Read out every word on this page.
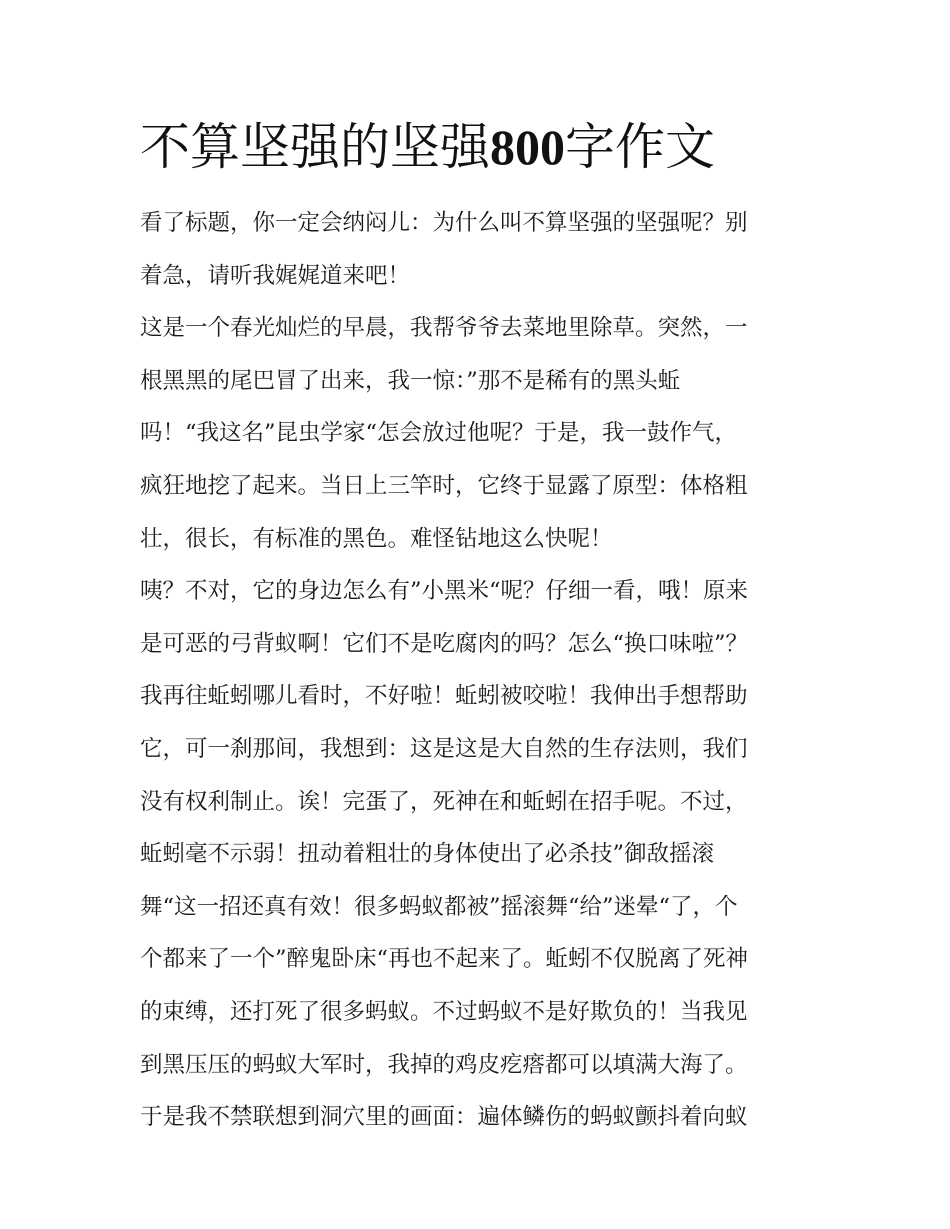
不算坚强的坚强800字作文
看了标题，你一定会纳闷儿：为什么叫不算坚强的坚强呢？别
着急，请听我娓娓道来吧！
这是一个春光灿烂的早晨，我帮爷爷去菜地里除草。突然，一
根黑黑的尾巴冒了出来，我一惊：”那不是稀有的黑头蚯
吗！“我这名”昆虫学家“怎会放过他呢？于是，我一鼓作气，
疯狂地挖了起来。当日上三竿时，它终于显露了原型：体格粗
壮，很长，有标准的黑色。难怪钻地这么快呢！
咦？不对，它的身边怎么有”小黑米“呢？仔细一看，哦！原来
是可恶的弓背蚁啊！它们不是吃腐肉的吗？怎么“换口味啦”？
我再往蚯蚓哪儿看时，不好啦！蚯蚓被咬啦！我伸出手想帮助
它，可一刹那间，我想到：这是这是大自然的生存法则，我们
没有权利制止。诶！完蛋了，死神在和蚯蚓在招手呢。不过，
蚯蚓毫不示弱！扭动着粗壮的身体使出了必杀技”御敌摇滚
舞“这一招还真有效！很多蚂蚁都被”摇滚舞“给”迷晕“了，个
个都来了一个”醉鬼卧床“再也不起来了。蚯蚓不仅脱离了死神
的束缚，还打死了很多蚂蚁。不过蚂蚁不是好欺负的！当我见
到黑压压的蚂蚁大军时，我掉的鸡皮疙瘩都可以填满大海了。
于是我不禁联想到洞穴里的画面：遍体鳞伤的蚂蚁颤抖着向蚁
